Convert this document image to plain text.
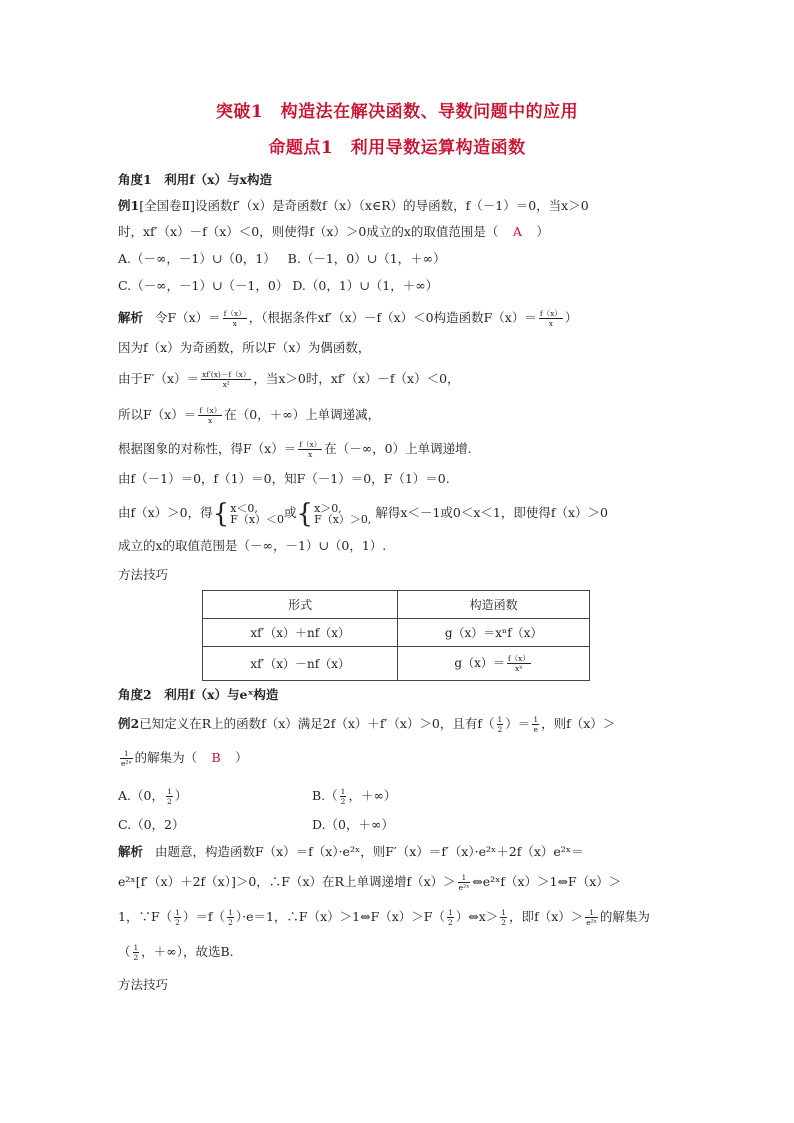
突破1　构造法在解决函数、导数问题中的应用
命题点1　利用导数运算构造函数
角度1　利用f（x）与x构造
例1[全国卷Ⅱ]设函数f′（x）是奇函数f（x）（x∈R）的导函数，f（－1）＝0，当x＞0
时，xf′（x）－f（x）＜0，则使得f（x）＞0成立的x的取值范围是（ A ）
A.（－∞，－1）∪（0，1） B.（－1，0）∪（1，＋∞）
C.（－∞，－1）∪（－1，0） D.（0，1）∪（1，＋∞）
解析 令$F(x)= \frac{f(x)}{x}$ ，（根据条件xf′（x）－f（x）＜0构造函数$F(x)= \frac{f(x)}{x}$ ）
因为f（x）为奇函数，所以F（x）为偶函数，
由于$F'(x)= \frac{xf'(x)-f(x)}{\text{x²}}$ ，当x＞0时，xf′（x）－f（x）＜0，
所以$F(x)= \frac{f(x)}{x}$ 在（0，＋∞）上单调递减，
根据图象的对称性，得$F(x)= \frac{f(x)}{x}$ 在（－∞，0）上单调递增.
由f（－1）＝0，f（1）＝0，知F（－1）＝0，F（1）＝0.
由f（x）＞0，得{ x＜0,
F（x）＜0 或{ x＞0,
F（x）＞0, 解得x＜－1或0＜x＜1，即使得f（x）＞0
成立的x的取值范围是（－∞，－1）∪（0，1）.
方法技巧
形式	构造函数
xf′（x）＋nf（x）	g（x）＝xⁿf（x）
xf′（x）－nf（x）	$g(x)= \frac{f(x)}{\text{xⁿ}}$
角度2　利用f（x）与eˣ构造
例2已知定义在R上的函数f（x）满足2f（x）＋f′（x）＞0，且有$f( \frac{1}{2}$ ）＝ $\frac{1}{e}$ ，则f（x）＞
$\frac{1}{\text{e²ˣ}}$ 的解集为（ B ）
A.（0， $\frac{1}{2}$ ）	$B.( \frac{1}{2}$ ，＋∞）
C.（0，2）	D.（0，＋∞）
解析 由题意，构造函数F（x）＝f（x）·e²ˣ，则F′（x）＝f′（x）·e²ˣ＋2f（x）e²ˣ＝
e²ˣ[f′（x）＋2f（x）]＞0，∴F（x）在R上单调递增$f(x)> \frac{1}{\text{e²ˣ}}$ ⇔e²ˣf（x）＞1⇔F（x）＞
1，∵F（ $\frac{1}{2} )=f( \frac{1}{2} )\cdot e=1$，∴F（x）＞1⇔F（x）＞F（ $\frac{1}{2}$ ）⇔x＞ $\frac{1}{2}$ ，即$f(x)> \frac{1}{\text{e²ˣ}}$ 的解集为
（ $\frac{1}{2}$ ，＋∞），故选B.
方法技巧
